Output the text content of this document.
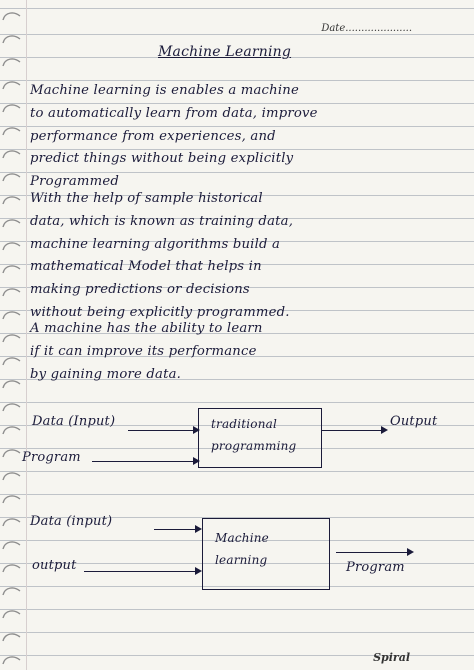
Date.....................
Machine Learning
Machine learning is enables a machine
to automatically learn from data, improve
performance from experiences, and
predict things without being explicitly
Programmed
With the help of sample historical
data, which is known as training data,
machine learning algorithms build a
mathematical Model that helps in
making predictions or decisions
without being explicitly programmed.
A machine has the ability to learn
if it can improve its performance
by gaining more data.
Data (Input)
Program
traditional
programming
Output
Data (input)
output
Machine
learning	Program
Spiral
